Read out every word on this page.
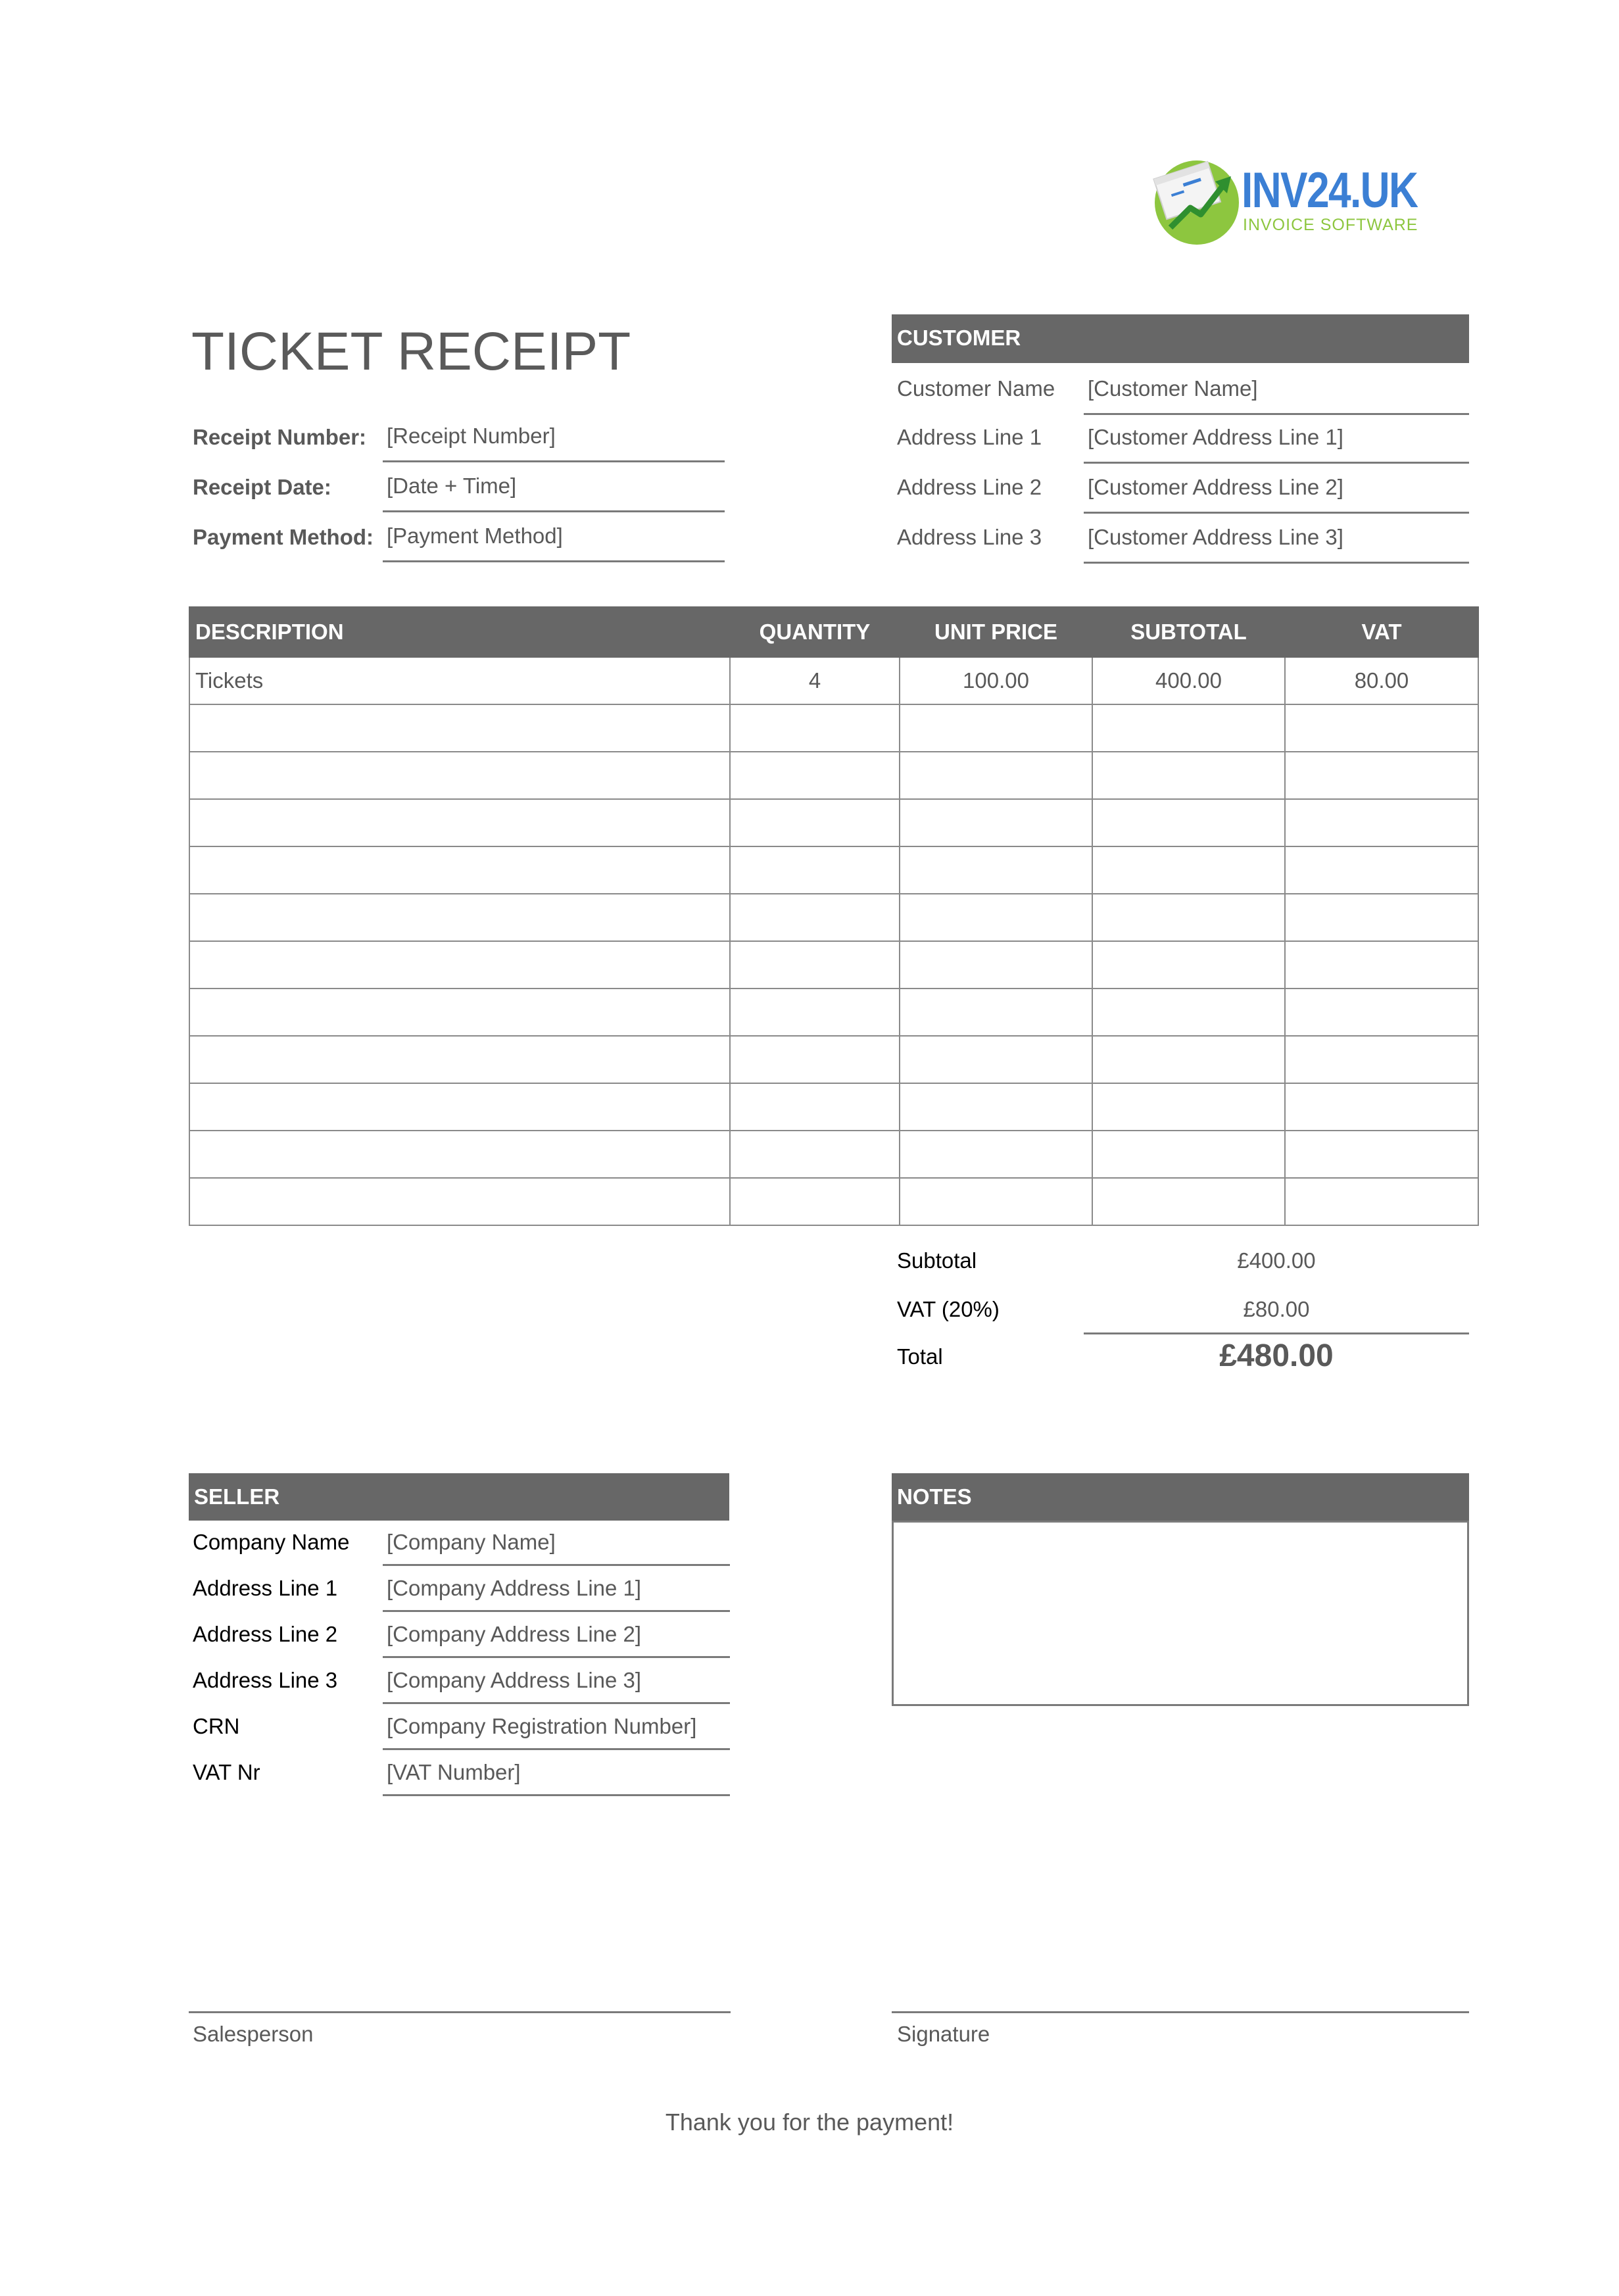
INV24.UK
INVOICE SOFTWARE
TICKET RECEIPT
Receipt Number: [Receipt Number]
Receipt Date:	[Date + Time]
Payment Method: [Payment Method]
CUSTOMER
Customer Name [Customer Name]
Address Line 1 [Customer Address Line 1]
Address Line 2 [Customer Address Line 2]
Address Line 3 [Customer Address Line 3]
DESCRIPTION	QUANTITY	UNIT PRICE	SUBTOTAL	VAT
Tickets	4	100.00	400.00	80.00

Subtotal	£400.00
VAT (20%)	£80.00
Total	£480.00
SELLER
Company Name [Company Name]
Address Line 1 [Company Address Line 1]
Address Line 2 [Company Address Line 2]
Address Line 3 [Company Address Line 3]
CRN	[Company Registration Number]
VAT Nr	[VAT Number]
NOTES
Salesperson	Signature
Thank you for the payment!
